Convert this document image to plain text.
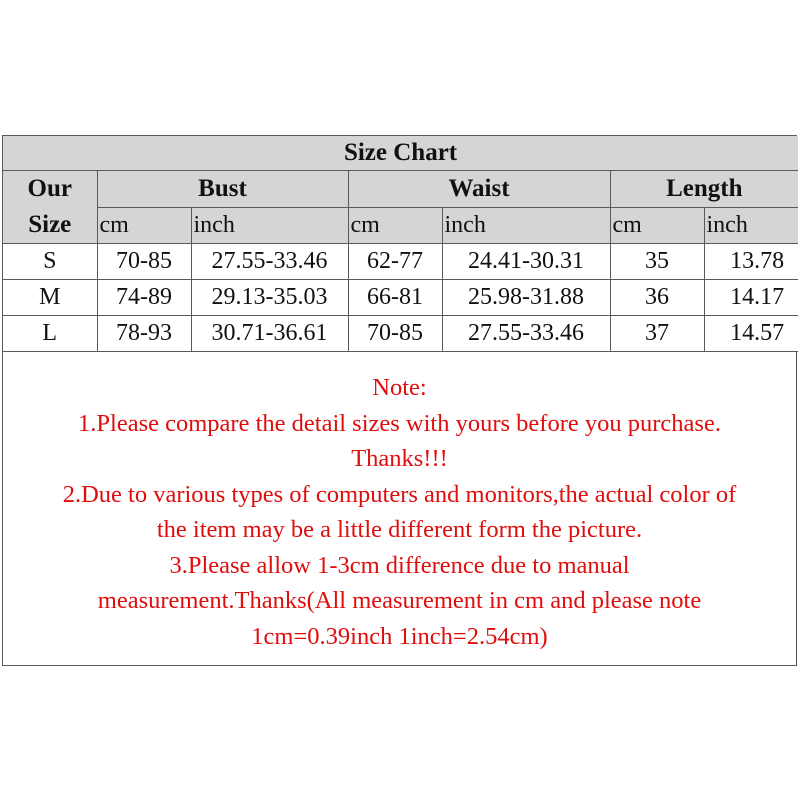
Size Chart						

Our
Size	Bust		Waist		Length	
	cm	inch	cm	inch	cm	inch
S	70-85	27.55-33.46	62-77	24.41-30.31	35	13.78
M	74-89	29.13-35.03	66-81	25.98-31.88	36	14.17
L	78-93	30.71-36.61	70-85	27.55-33.46	37	14.57
Note:
1.Please compare the detail sizes with yours before you purchase.
Thanks!!!
2.Due to various types of computers and monitors,the actual color of
the item may be a little different form the picture.
3.Please allow 1-3cm difference due to manual
measurement.Thanks(All measurement in cm and please note
1cm=0.39inch 1inch=2.54cm)
